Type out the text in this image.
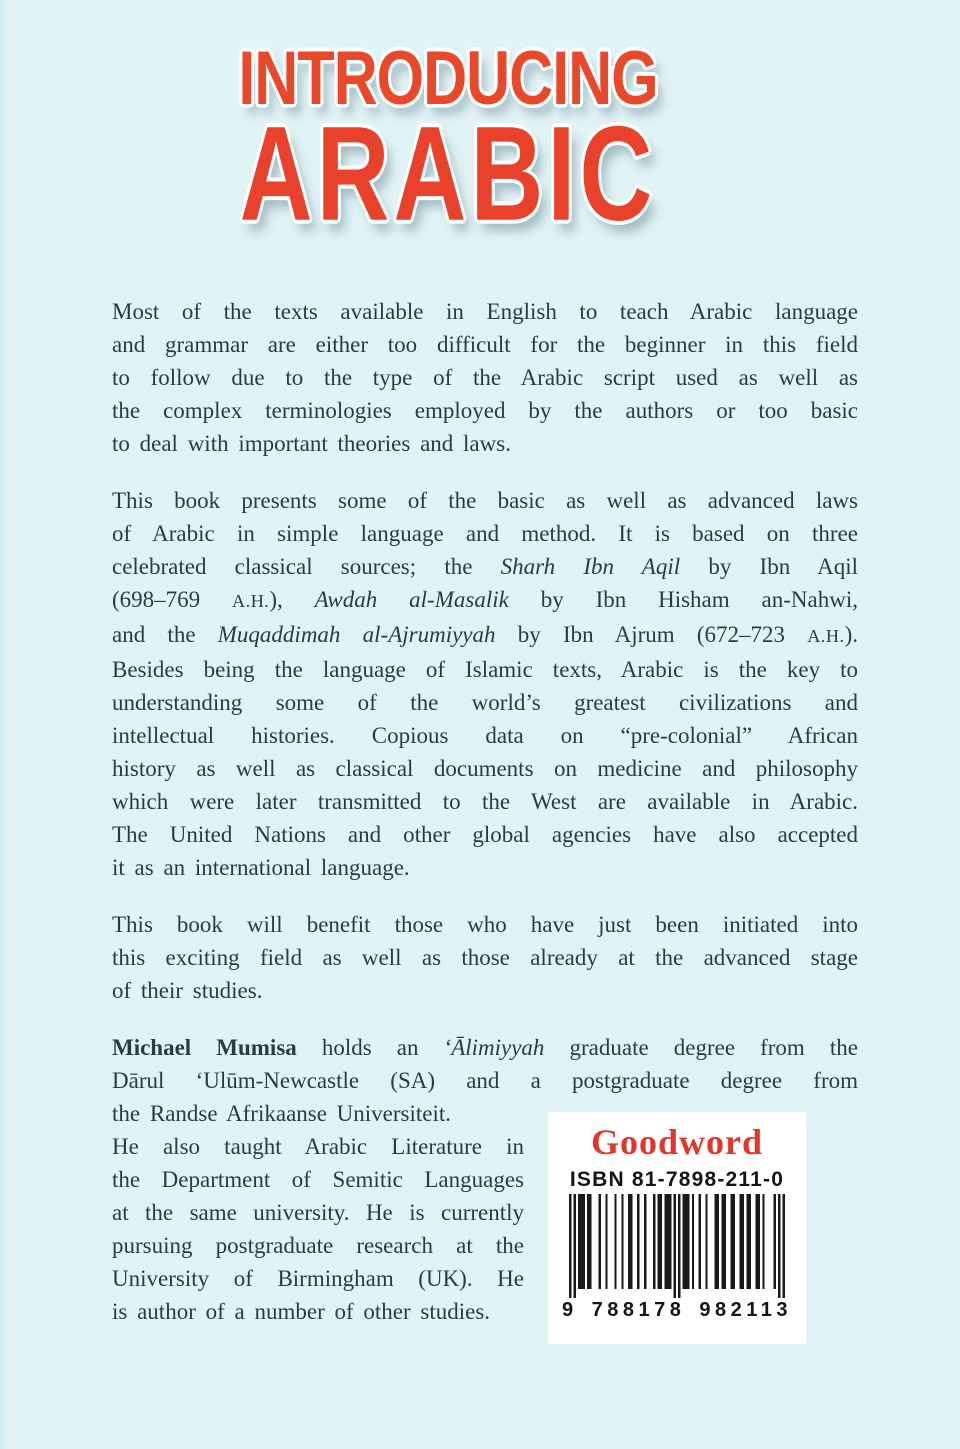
INTRODUCING
ARABIC
Most of the texts available in English to teach Arabic language
and grammar are either too difficult for the beginner in this field
to follow due to the type of the Arabic script used as well as
the complex terminologies employed by the authors or too basic
to deal with important theories and laws.
This book presents some of the basic as well as advanced laws
of Arabic in simple language and method. It is based on three
celebrated classical sources; the Sharh Ibn Aqil by Ibn Aqil
(698–769 A.H.), Awdah al-Masalik by Ibn Hisham an-Nahwi,
and the Muqaddimah al-Ajrumiyyah by Ibn Ajrum (672–723 A.H.).
Besides being the language of Islamic texts, Arabic is the key to
understanding some of the world’s greatest civilizations and
intellectual histories. Copious data on “pre-colonial” African
history as well as classical documents on medicine and philosophy
which were later transmitted to the West are available in Arabic.
The United Nations and other global agencies have also accepted
it as an international language.
This book will benefit those who have just been initiated into
this exciting field as well as those already at the advanced stage
of their studies.
Michael Mumisa holds an ‘Ālimiyyah graduate degree from the
Dārul ‘Ulūm-Newcastle (SA) and a postgraduate degree from
the Randse Afrikaanse Universiteit.
He also taught Arabic Literature in
the Department of Semitic Languages
at the same university. He is currently
pursuing postgraduate research at the
University of Birmingham (UK). He
is author of a number of other studies.
Goodword
ISBN 81-7898-211-0
9 788178 982113
